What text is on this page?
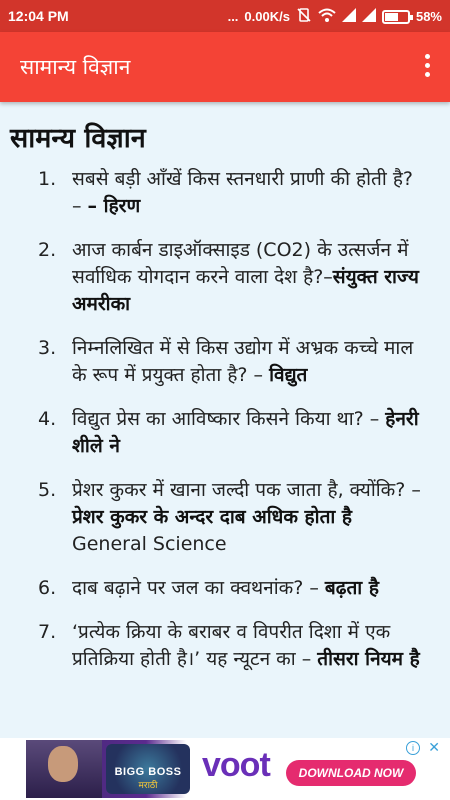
12:04 PM	... 0.00K/s	58%
सामान्य विज्ञान
सामन्य विज्ञान
1. सबसे बड़ी आँखें किस स्तनधारी प्राणी की होती है? – – हिरण
2. आज कार्बन डाइऑक्साइड (CO2) के उत्सर्जन में सर्वाधिक योगदान करने वाला देश है?–संयुक्त राज्य अमरीका
3. निम्नलिखित में से किस उद्योग में अभ्रक कच्चे माल के रूप में प्रयुक्त होता है? – विद्युत
4. विद्युत प्रेस का आविष्कार किसने किया था? – हेनरी शीले ने
5. प्रेशर कुकर में खाना जल्दी पक जाता है, क्योंकि? – प्रेशर कुकर के अन्दर दाब अधिक होता है General Science
6. दाब बढ़ाने पर जल का क्वथनांक? – बढ़ता है
7. ‘प्रत्येक क्रिया के बराबर व विपरीत दिशा में एक प्रतिक्रिया होती है।’ यह न्यूटन का – तीसरा नियम है
BIGG BOSS
मराठी
voot	DOWNLOAD NOW
i	✕
